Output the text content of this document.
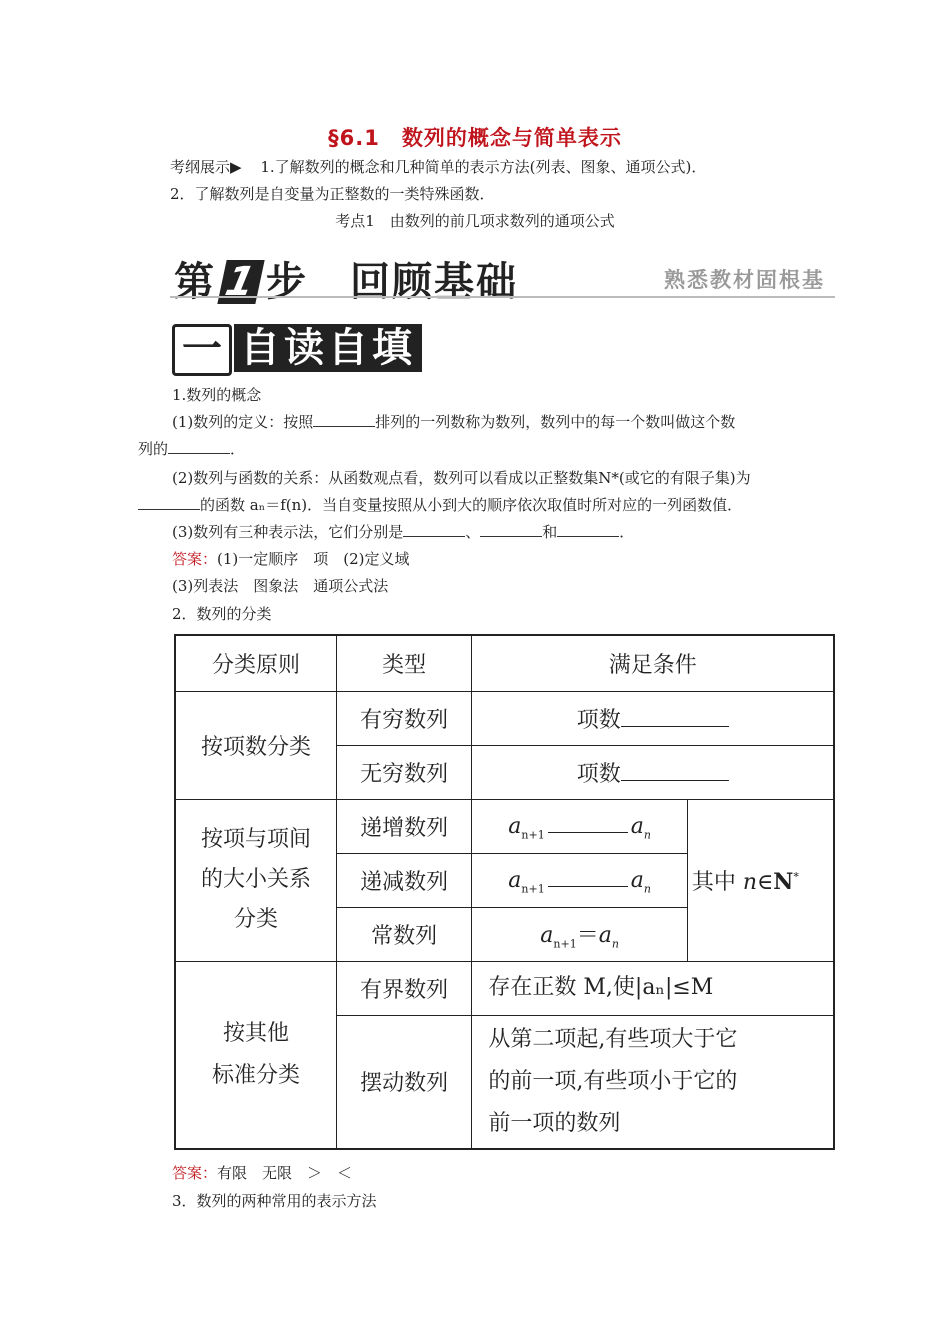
§6.1　数列的概念与简单表示
考纲展示▶ 1.了解数列的概念和几种简单的表示方法(列表、图象、通项公式)．
2．了解数列是自变量为正整数的一类特殊函数．
考点1　由数列的前几项求数列的通项公式
第 1 步　回顾基础	熟悉教材固根基
一 自读自填
1.数列的概念
(1)数列的定义：按照	排列的一列数称为数列，数列中的每一个数叫做这个数
列的	．
(2)数列与函数的关系：从函数观点看，数列可以看成以正整数集N*(或它的有限子集)为
的函数 aₙ＝f(n)．当自变量按照从小到大的顺序依次取值时所对应的一列函数值．
(3)数列有三种表示法，它们分别是	、	和	．
答案：(1)一定顺序　项　(2)定义域
(3)列表法　图象法　通项公式法
2．数列的分类
分类原则	类型	满足条件	
按项数分类	有穷数列	项数	
	无穷数列	项数	

按项与项间
的大小关系
分类	递增数列	$a_{n+1}$ $a_n$	其中 n∈N*
	递减数列	$a_{n+1}$ $a_n$
	常数列	$a_{n+1}=a_n$

按其他
标准分类	有界数列	存在正数 M,使|aₙ|≤M	
	摆动数列	从第二项起,有些项大于它
的前一项,有些项小于它的
前一项的数列	
答案：有限　无限　＞　＜
3．数列的两种常用的表示方法
